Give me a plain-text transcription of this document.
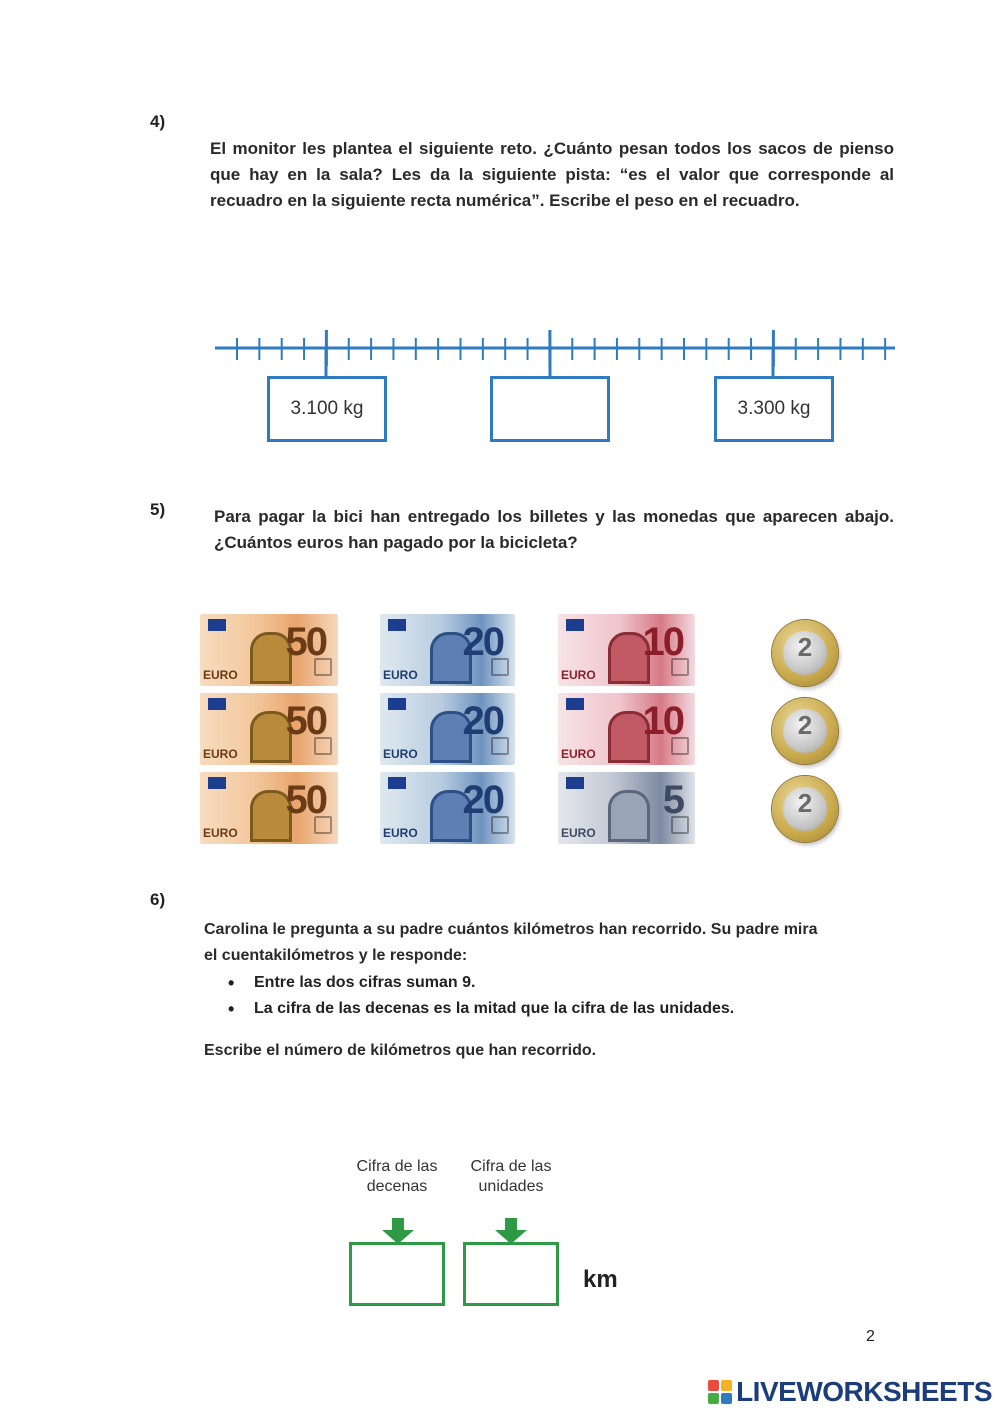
4)
El monitor les plantea el siguiente reto. ¿Cuánto pesan todos los sacos de pienso que hay en la sala? Les da la siguiente pista: “es el valor que corresponde al recuadro en la siguiente recta numérica”. Escribe el peso en el recuadro.
3.100 kg	3.300 kg
5)	Para pagar la bici han entregado los billetes y las monedas que aparecen abajo. ¿Cuántos euros han pagado por la bicicleta?
50
EURO
50
EURO
50
EURO
20
EURO
20
EURO
20
EURO
10
EURO
10
EURO
5
EURO
2
2
2
6)
Carolina le pregunta a su padre cuántos kilómetros han recorrido. Su padre mira el cuentakilómetros y le responde:
• Entre las dos cifras suman 9.
• La cifra de las decenas es la mitad que la cifra de las unidades.
Escribe el número de kilómetros que han recorrido.
Cifra de las decenas
Cifra de las unidades
km
2
LIVEWORKSHEETS
